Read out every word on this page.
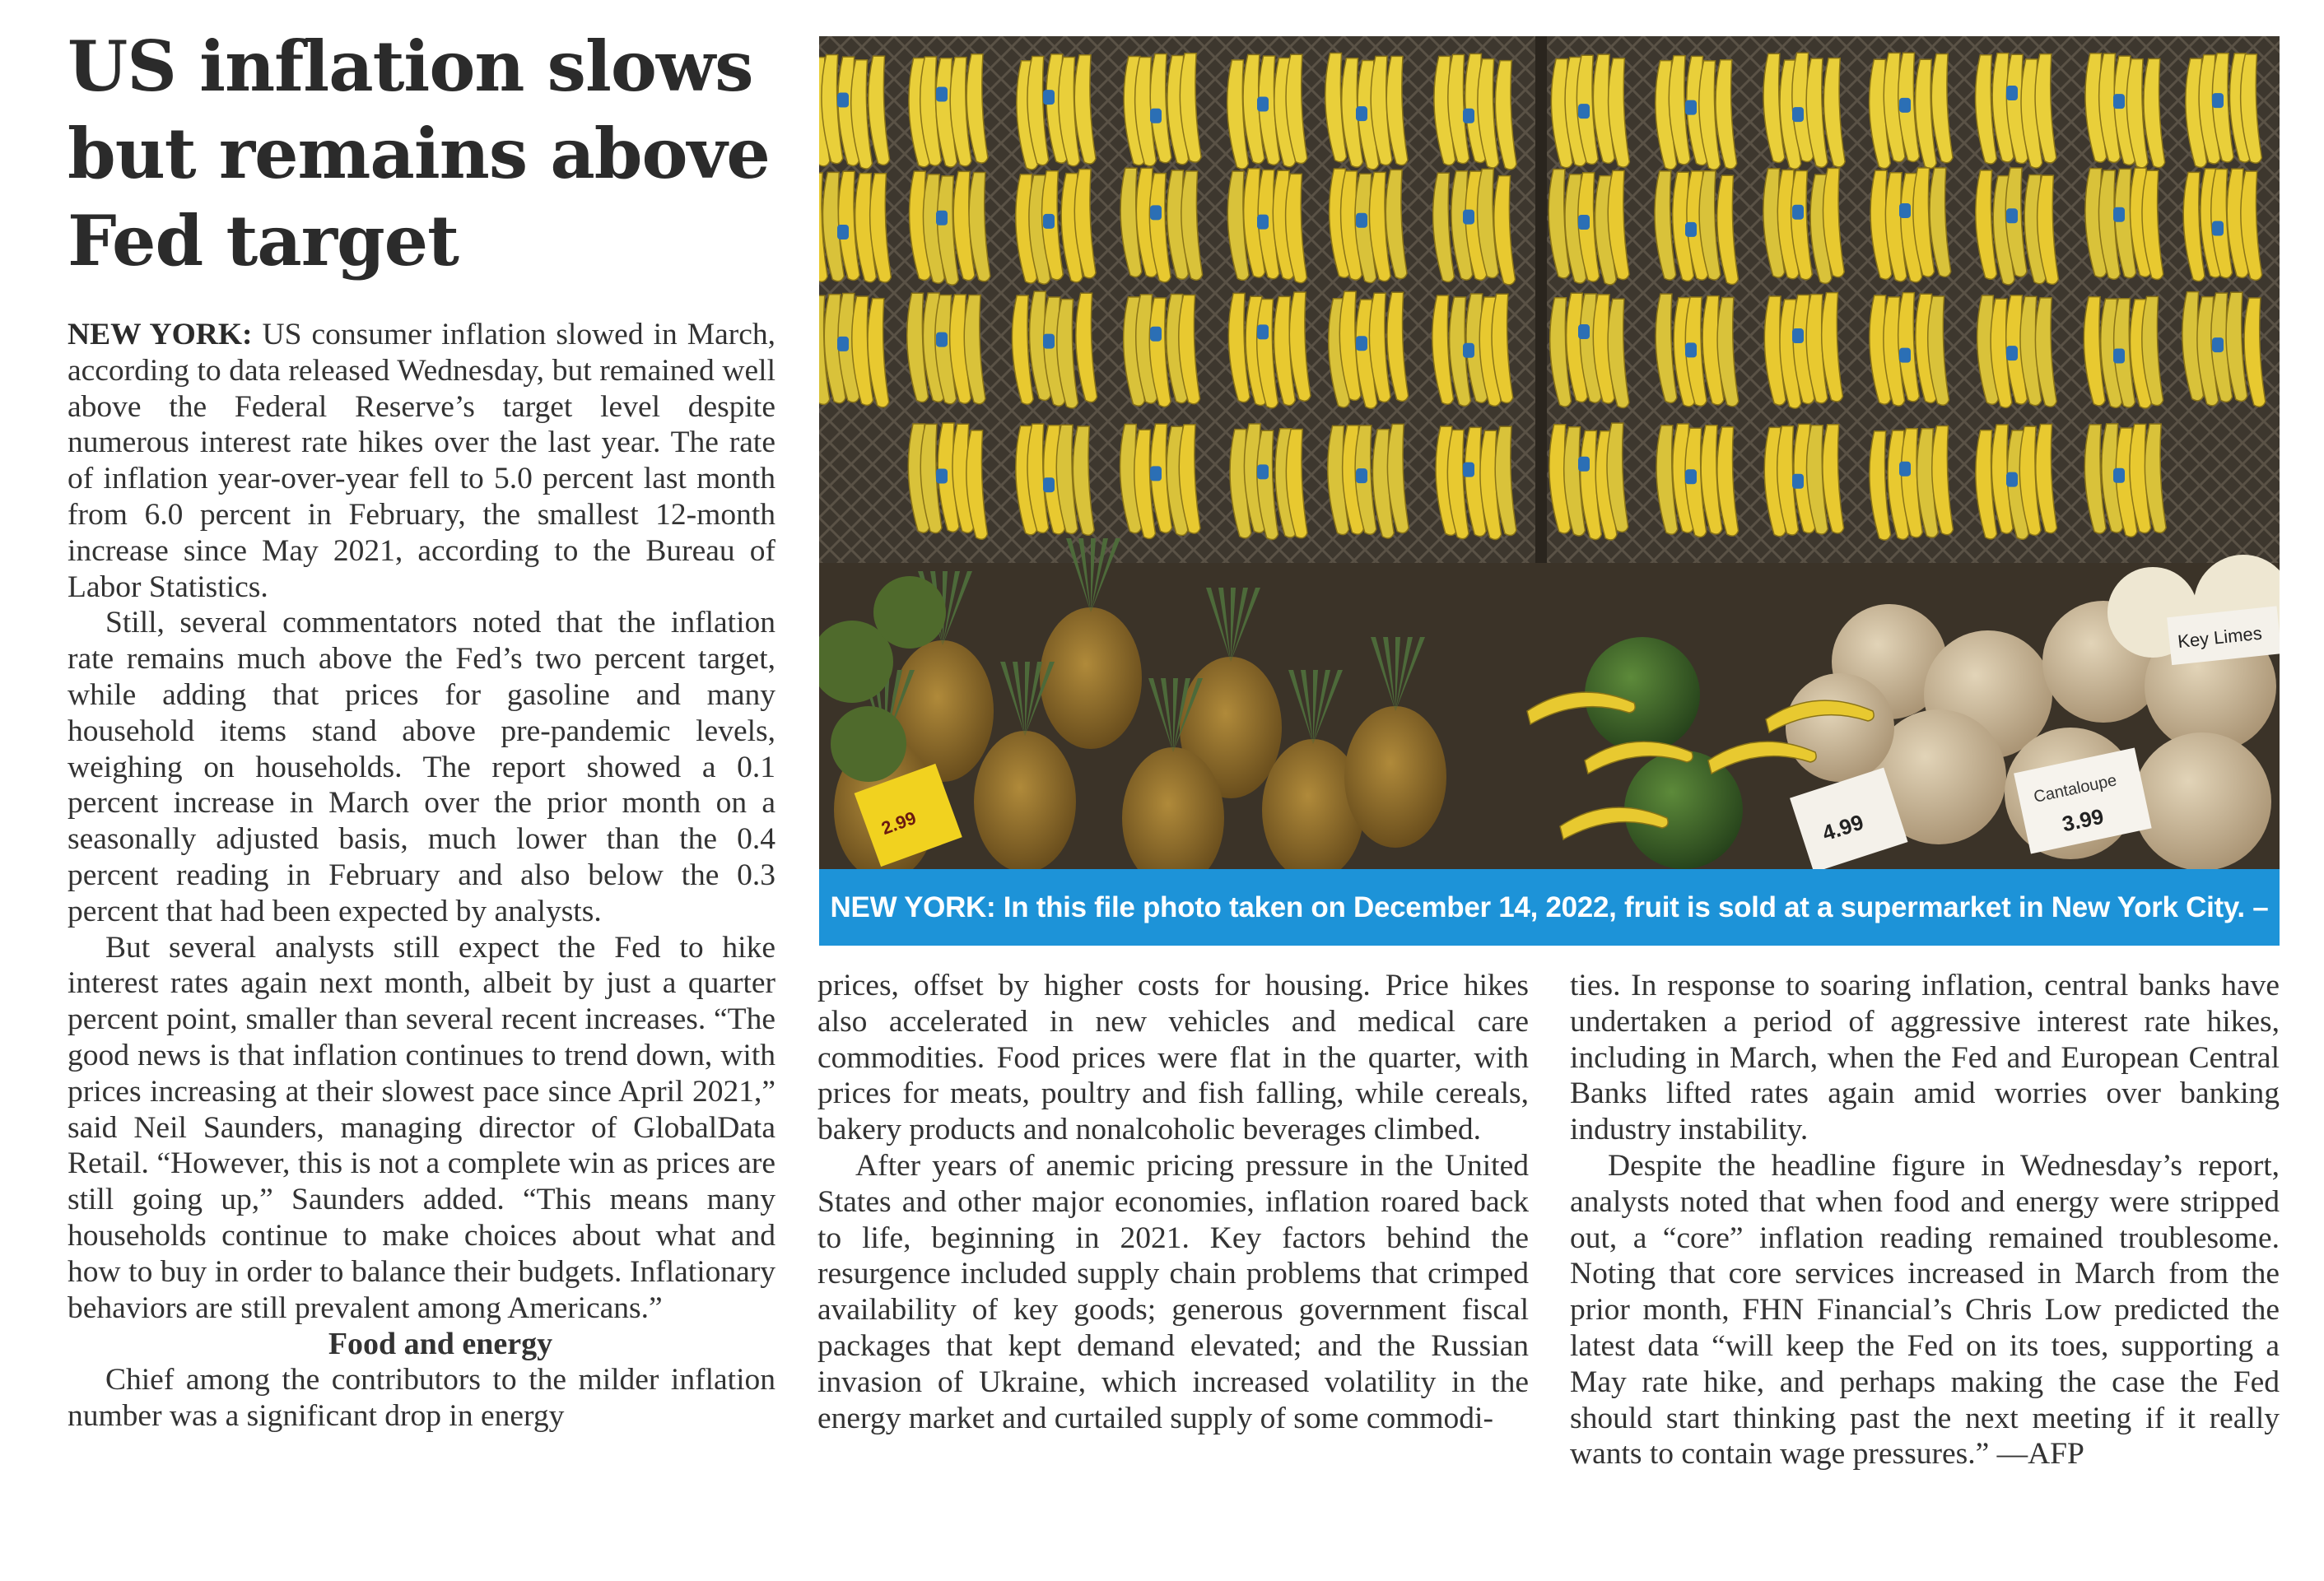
US inflation slows but remains above Fed target

NEW YORK: US consumer inflation slowed in March, according to data released Wednesday, but remained well above the Federal Reserve’s target level despite numerous interest rate hikes over the last year. The rate of inflation year-over-year fell to 5.0 percent last month from 6.0 percent in February, the smallest 12-month increase since May 2021, according to the Bureau of Labor Statistics.

Still, several commentators noted that the inflation rate remains much above the Fed’s two percent target, while adding that prices for gasoline and many household items stand above pre-pandemic levels, weighing on households. The report showed a 0.1 percent increase in March over the prior month on a seasonally adjusted basis, much lower than the 0.4 percent reading in February and also below the 0.3 percent that had been expected by analysts.

But several analysts still expect the Fed to hike interest rates again next month, albeit by just a quarter percent point, smaller than several recent increases. “The good news is that inflation continues to trend down, with prices increasing at their slowest pace since April 2021,” said Neil Saunders, managing director of GlobalData Retail. “However, this is not a complete win as prices are still going up,” Saunders added. “This means many households continue to make choices about what and how to buy in order to balance their budgets. Inflationary behaviors are still prevalent among Americans.”

Food and energy

Chief among the contributors to the milder inflation number was a significant drop in energy

Key Limes
Cantaloupe
3.99
4.99
2.99
NEW YORK: In this file photo taken on December 14, 2022, fruit is sold at a supermarket in New York City. – AFP

prices, offset by higher costs for housing. Price hikes also accelerated in new vehicles and medical care commodities. Food prices were flat in the quarter, with prices for meats, poultry and fish falling, while cereals, bakery products and nonalcoholic beverages climbed.

After years of anemic pricing pressure in the United States and other major economies, inflation roared back to life, beginning in 2021. Key factors behind the resurgence included supply chain problems that crimped availability of key goods; generous government fiscal packages that kept demand elevated; and the Russian invasion of Ukraine, which increased volatility in the energy market and curtailed supply of some commodi-

ties. In response to soaring inflation, central banks have undertaken a period of aggressive interest rate hikes, including in March, when the Fed and European Central Banks lifted rates again amid worries over banking industry instability.

Despite the headline figure in Wednesday’s report, analysts noted that when food and energy were stripped out, a “core” inflation reading remained troublesome. Noting that core services increased in March from the prior month, FHN Financial’s Chris Low predicted the latest data “will keep the Fed on its toes, supporting a May rate hike, and perhaps making the case the Fed should start thinking past the next meeting if it really wants to contain wage pressures.” —AFP
